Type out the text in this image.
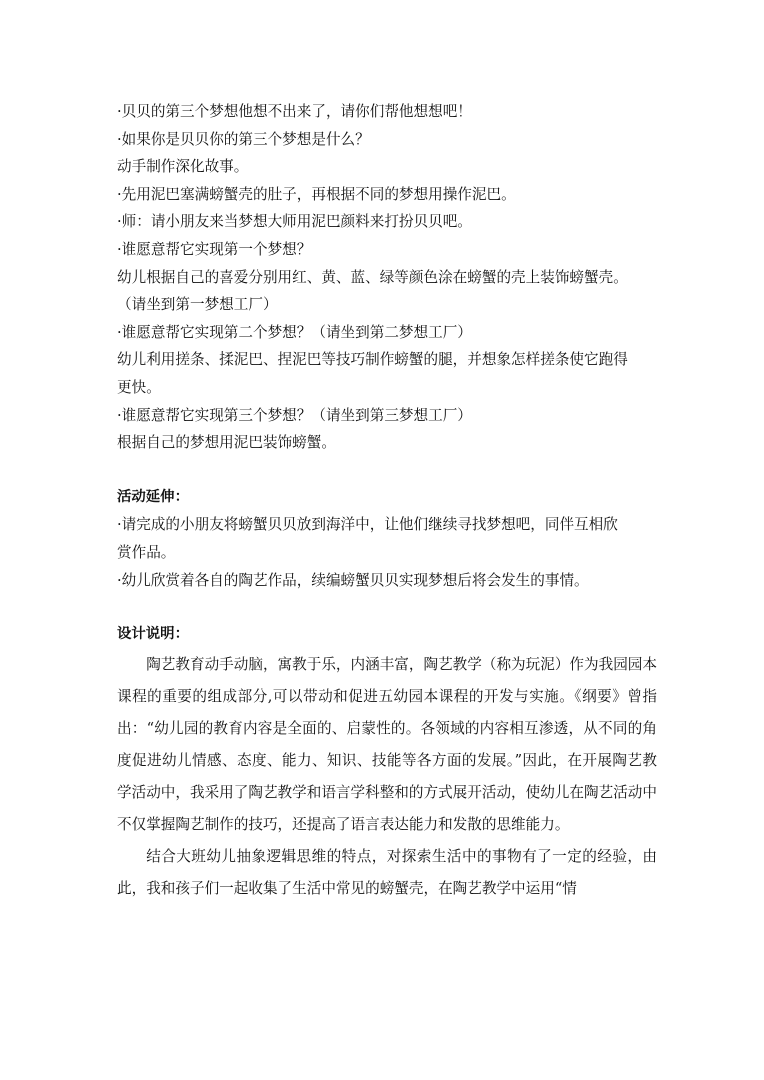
·贝贝的第三个梦想他想不出来了，请你们帮他想想吧！

·如果你是贝贝你的第三个梦想是什么？

动手制作深化故事。

·先用泥巴塞满螃蟹壳的肚子，再根据不同的梦想用操作泥巴。

·师：请小朋友来当梦想大师用泥巴颜料来打扮贝贝吧。

·谁愿意帮它实现第一个梦想？

幼儿根据自己的喜爱分别用红、黄、蓝、绿等颜色涂在螃蟹的壳上装饰螃蟹壳。

（请坐到第一梦想工厂）

·谁愿意帮它实现第二个梦想？（请坐到第二梦想工厂）

幼儿利用搓条、揉泥巴、捏泥巴等技巧制作螃蟹的腿，并想象怎样搓条使它跑得

更快。

·谁愿意帮它实现第三个梦想？（请坐到第三梦想工厂）

根据自己的梦想用泥巴装饰螃蟹。

活动延伸：

·请完成的小朋友将螃蟹贝贝放到海洋中，让他们继续寻找梦想吧，同伴互相欣

赏作品。

·幼儿欣赏着各自的陶艺作品，续编螃蟹贝贝实现梦想后将会发生的事情。

设计说明：

陶艺教育动手动脑，寓教于乐，内涵丰富，陶艺教学（称为玩泥）作为我园园本课程的重要的组成部分,可以带动和促进五幼园本课程的开发与实施。《纲要》曾指出：“幼儿园的教育内容是全面的、启蒙性的。各领域的内容相互渗透，从不同的角度促进幼儿情感、态度、能力、知识、技能等各方面的发展。”因此，在开展陶艺教学活动中，我采用了陶艺教学和语言学科整和的方式展开活动，使幼儿在陶艺活动中不仅掌握陶艺制作的技巧，还提高了语言表达能力和发散的思维能力。

结合大班幼儿抽象逻辑思维的特点，对探索生活中的事物有了一定的经验，由此，我和孩子们一起收集了生活中常见的螃蟹壳，在陶艺教学中运用“情
